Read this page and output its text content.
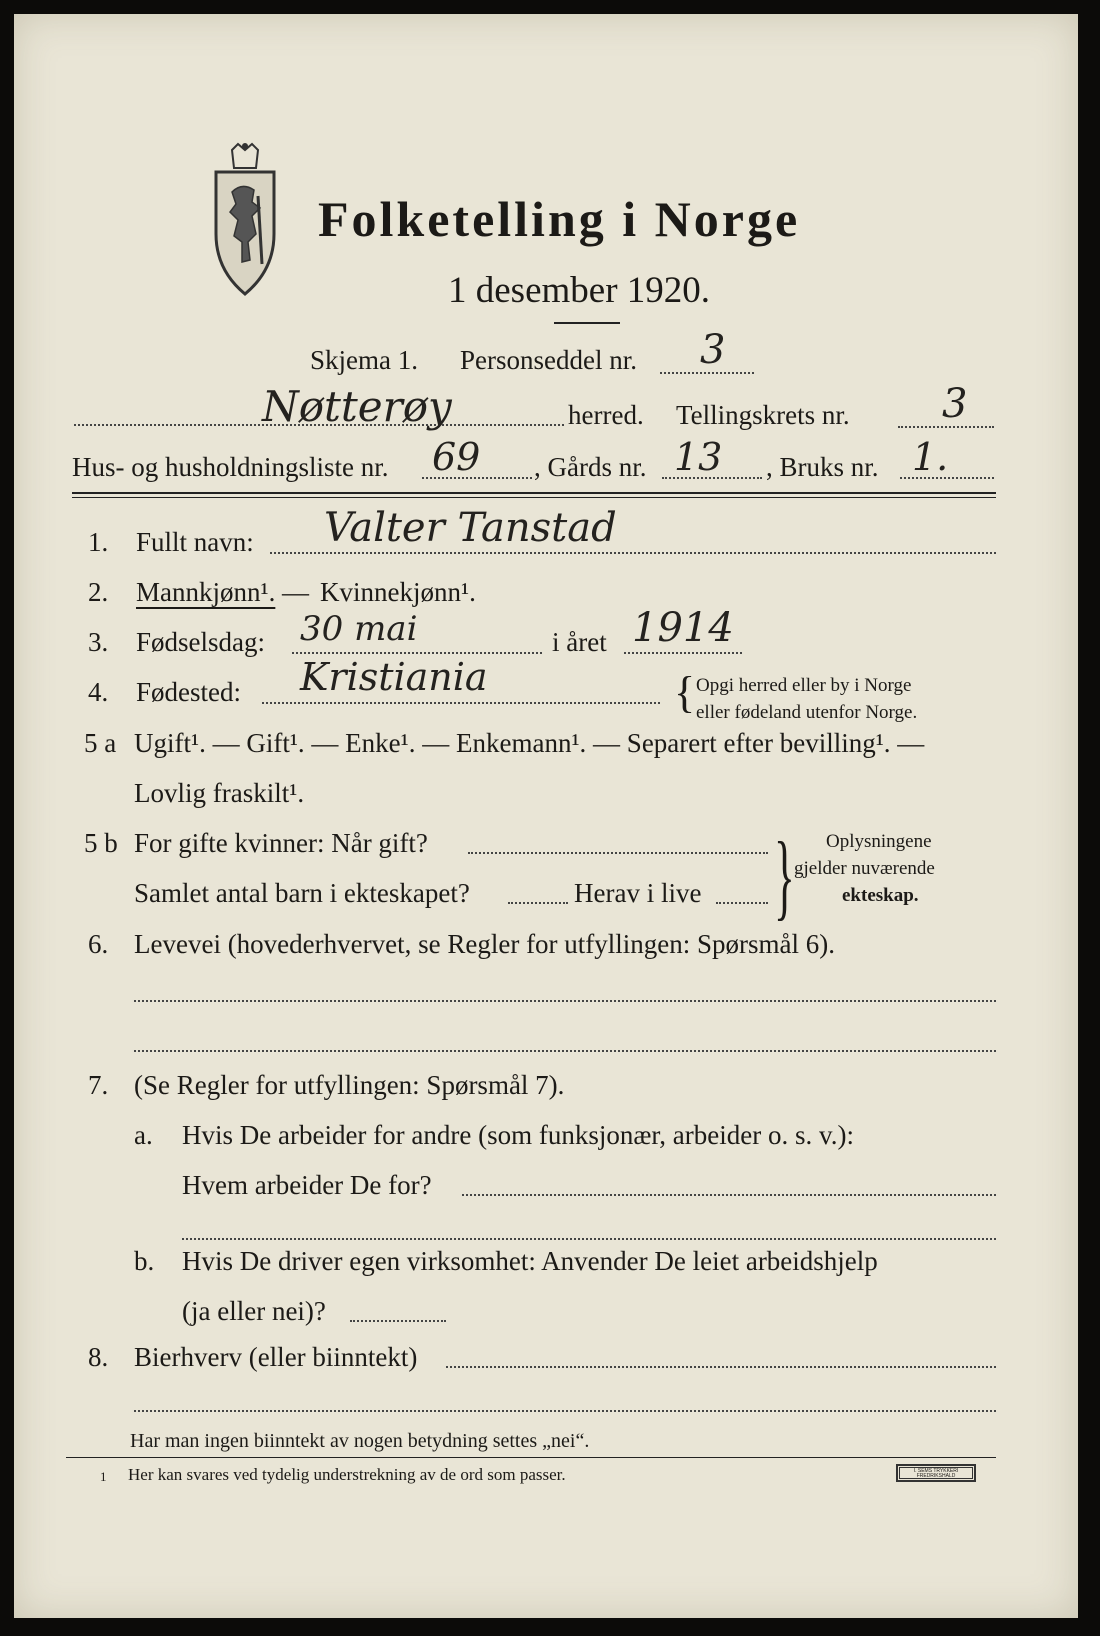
Folketelling i Norge
1 desember 1920.
Skjema 1. Personseddel nr. 3
Nøtterøy	herred. Tellingskrets nr. 3
Hus- og husholdningsliste nr. 69 , Gårds nr. 13 , Bruks nr. 1.
1. Fullt navn: Valter Tanstad
2. Mannkjønn¹. — Kvinnekjønn¹.
3. Fødselsdag: 30 mai	i året 1914
4. Fødested: Kristiania	{ Opgi herred eller by i Norge
eller fødeland utenfor Norge.
5 a Ugift¹. — Gift¹. — Enke¹. — Enkemann¹. — Separert efter bevilling¹. —
Lovlig fraskilt¹.
5 b For gifte kvinner: Når gift?
Samlet antal barn i ekteskapet?	Herav i live } Oplysningene
gjelder nuværende
ekteskap.
6. Levevei (hovederhvervet, se Regler for utfyllingen: Spørsmål 6).
7. (Se Regler for utfyllingen: Spørsmål 7).
a. Hvis De arbeider for andre (som funksjonær, arbeider o. s. v.):
Hvem arbeider De for?
b. Hvis De driver egen virksomhet: Anvender De leiet arbeidshjelp
(ja eller nei)?
8. Bierhverv (eller biinntekt)
Har man ingen biinntekt av nogen betydning settes „nei“.
1 Her kan svares ved tydelig understrekning av de ord som passer.	I. SEMS TRYKKERI FREDRIKSHALD
